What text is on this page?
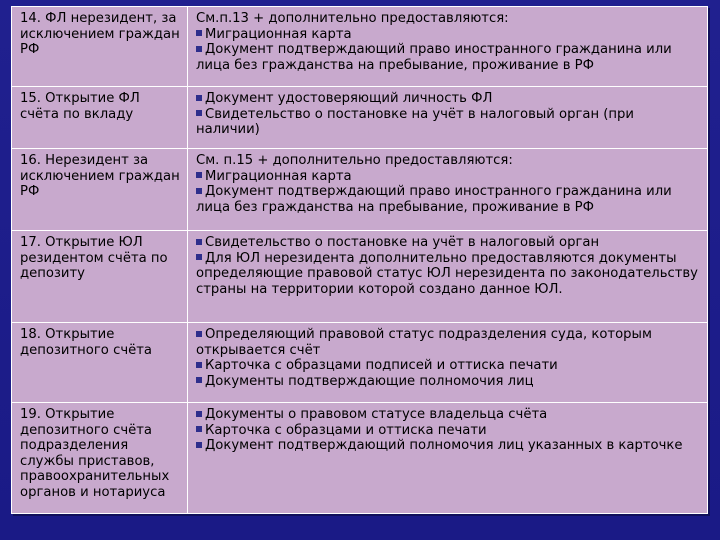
14. ФЛ нерезидент, за исключением граждан РФ	См.п.13 + дополнительно предоставляются:
Миграционная карта
Документ подтверждающий право иностранного гражданина или лица без гражданства на пребывание, проживание в РФ

15. Открытие ФЛ счёта по вкладу	Документ удостоверяющий личность ФЛ
Свидетельство о постановке на учёт в налоговый орган (при наличии)

16. Нерезидент за исключением граждан РФ	См. п.15 + дополнительно предоставляются:
Миграционная карта
Документ подтверждающий право иностранного гражданина или лица без гражданства на пребывание, проживание в РФ

17. Открытие ЮЛ резидентом счёта по депозиту	Свидетельство о постановке на учёт в налоговый орган
Для ЮЛ нерезидента дополнительно предоставляются документы определяющие правовой статус ЮЛ нерезидента по законодательству страны на территории которой создано данное ЮЛ.

18. Открытие депозитного счёта	Определяющий правовой статус подразделения суда, которым открывается счёт
Карточка с образцами подписей и оттиска печати
Документы подтверждающие полномочия лиц

19. Открытие депозитного счёта подразделения службы приставов, правоохранительных органов и нотариуса	Документы о правовом статусе владельца счёта
Карточка с образцами и оттиска печати
Документ подтверждающий полномочия лиц указанных в карточке
